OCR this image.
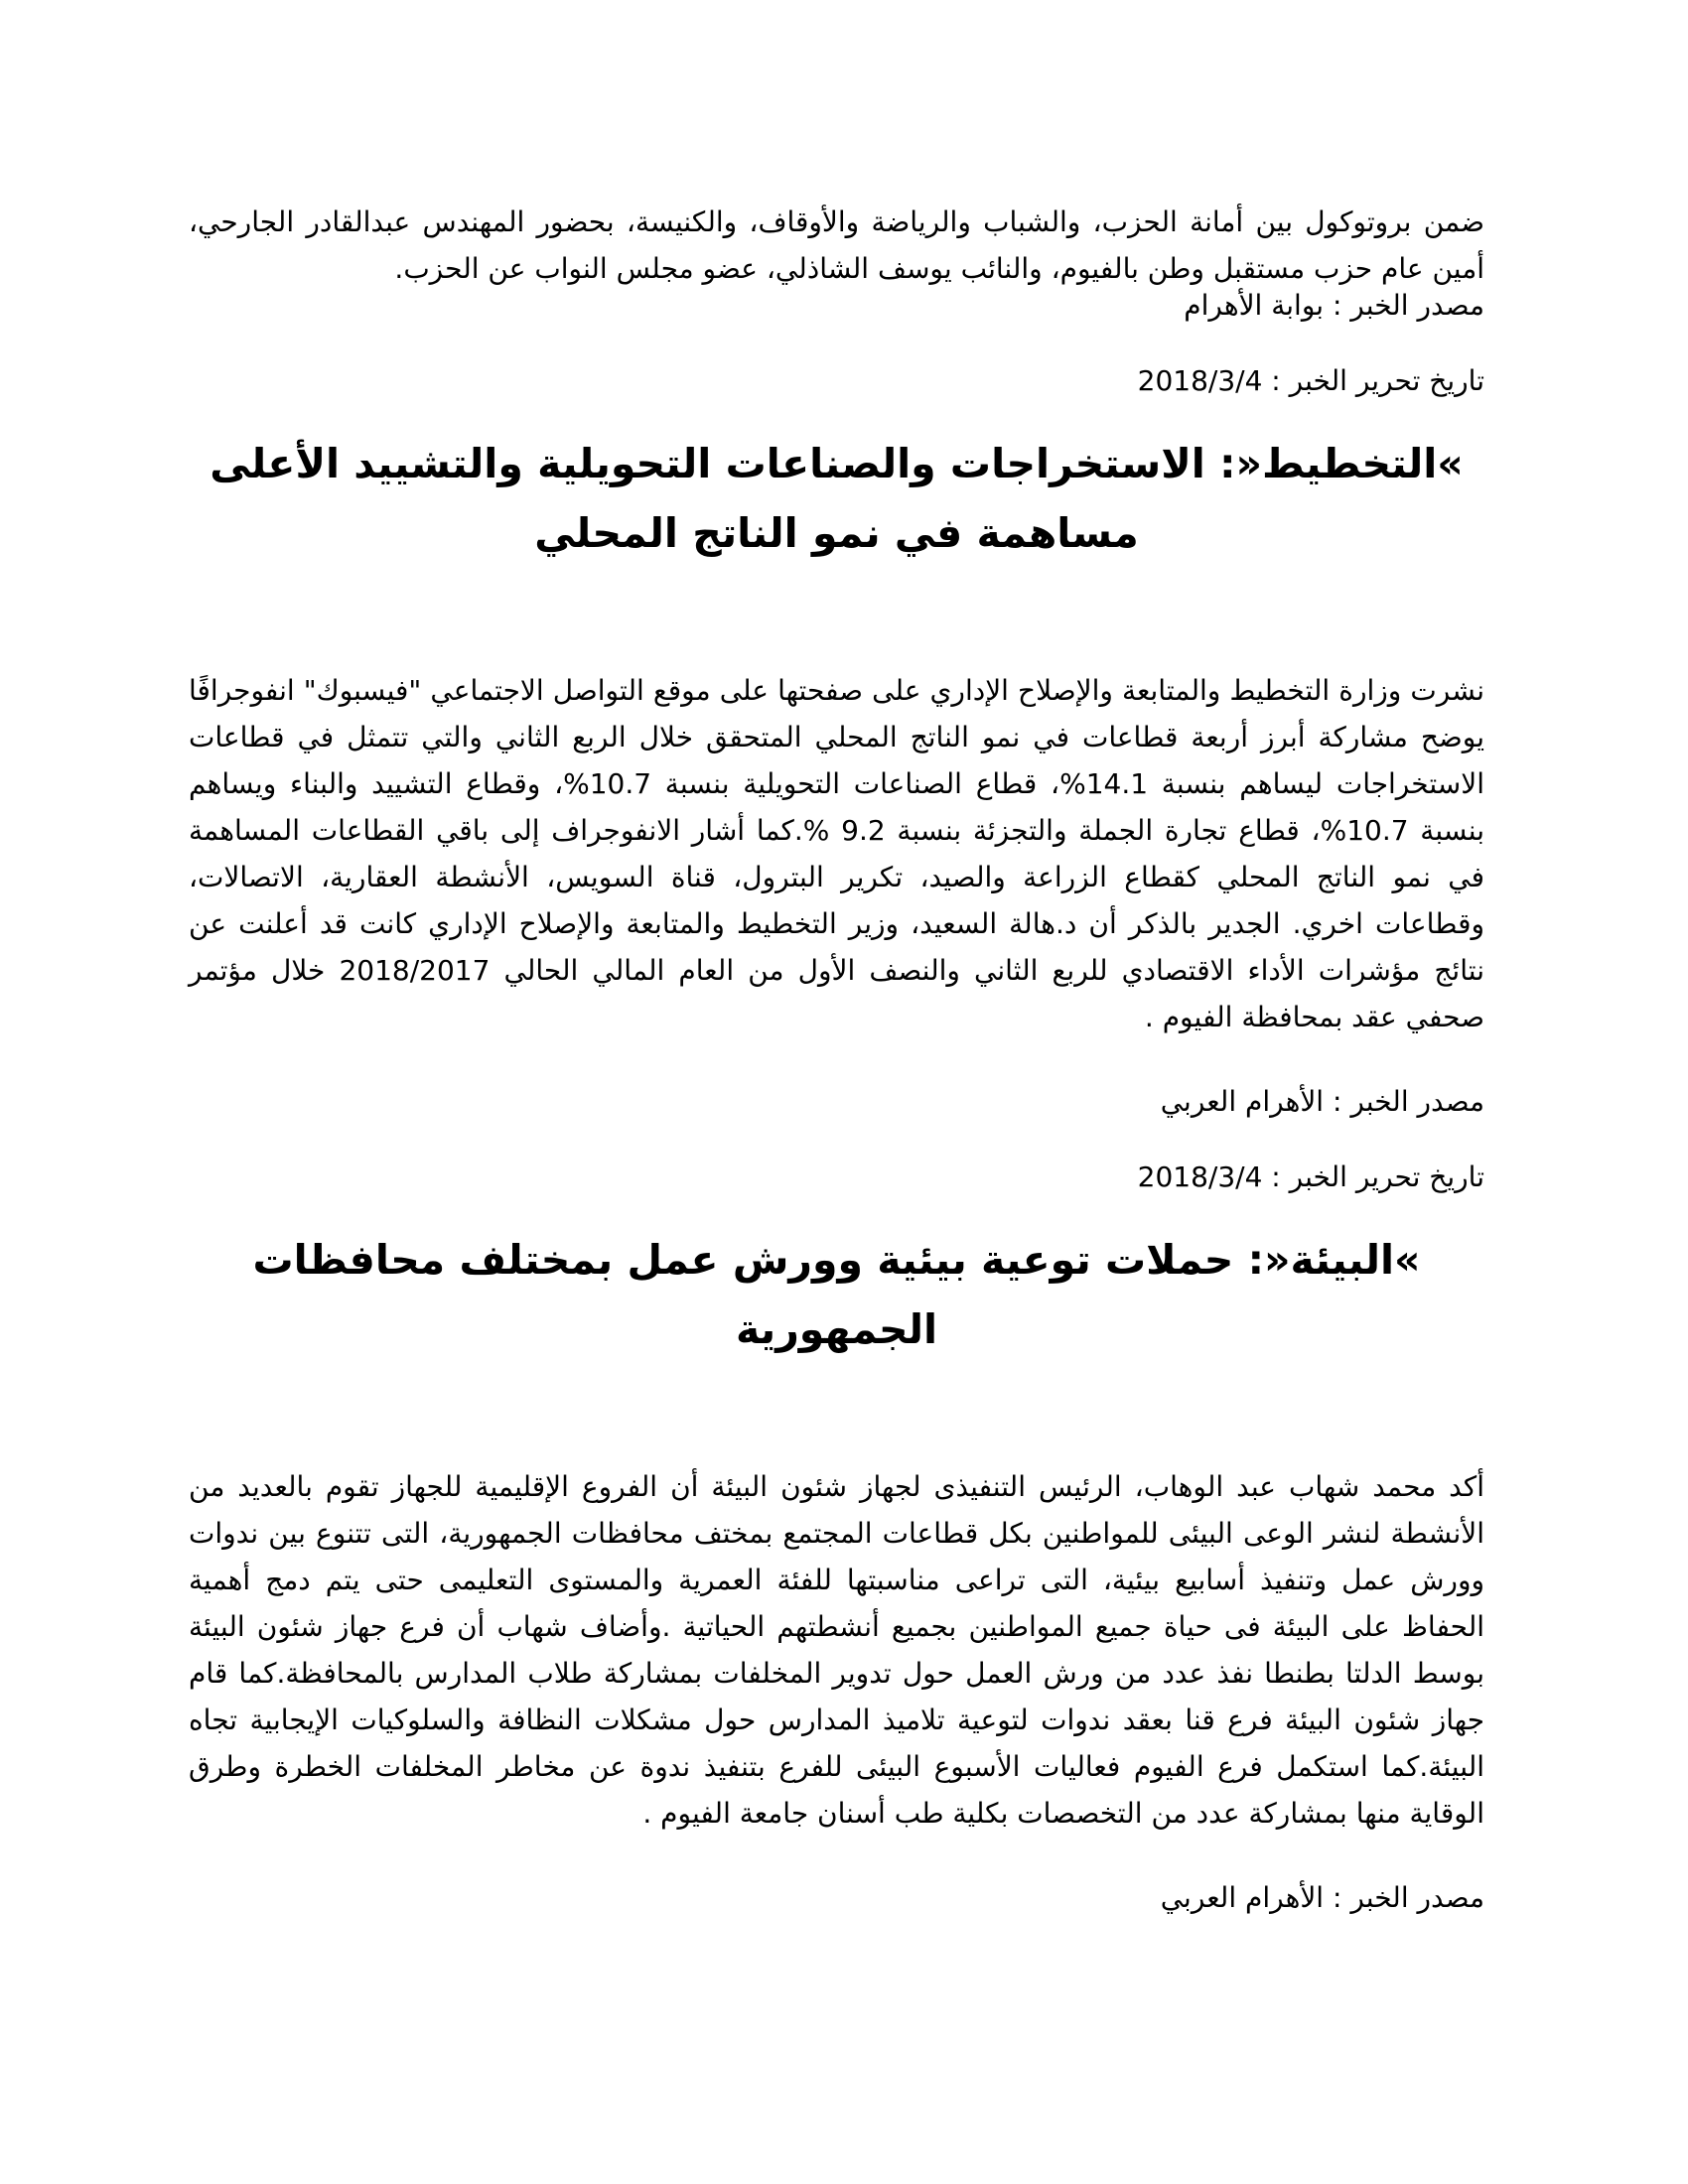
ضمن بروتوكول بين أمانة الحزب، والشباب والرياضة والأوقاف، والكنيسة، بحضور المهندس عبدالقادر الجارحي، أمين عام حزب مستقبل وطن بالفيوم، والنائب يوسف الشاذلي، عضو مجلس النواب عن الحزب.

مصدر الخبر : بوابة الأهرام

تاريخ تحرير الخبر : 2018/3/4

»التخطيط«: الاستخراجات والصناعات التحويلية والتشييد الأعلى مساهمة في نمو الناتج المحلي

نشرت وزارة التخطيط والمتابعة والإصلاح الإداري على صفحتها على موقع التواصل الاجتماعي "فيسبوك" انفوجرافًا يوضح مشاركة أبرز أربعة قطاعات في نمو الناتج المحلي المتحقق خلال الربع الثاني والتي تتمثل في قطاعات الاستخراجات ليساهم بنسبة 14.1%، قطاع الصناعات التحويلية بنسبة 10.7%، وقطاع التشييد والبناء ويساهم بنسبة 10.7%، قطاع تجارة الجملة والتجزئة بنسبة 9.2 %.كما أشار الانفوجراف إلى باقي القطاعات المساهمة في نمو الناتج المحلي كقطاع الزراعة والصيد، تكرير البترول، قناة السويس، الأنشطة العقارية، الاتصالات، وقطاعات اخري. الجدير بالذكر أن د.هالة السعيد، وزير التخطيط والمتابعة والإصلاح الإداري كانت قد أعلنت عن نتائج مؤشرات الأداء الاقتصادي للربع الثاني والنصف الأول من العام المالي الحالي 2018/2017 خلال مؤتمر صحفي عقد بمحافظة الفيوم .

مصدر الخبر : الأهرام العربي

تاريخ تحرير الخبر : 2018/3/4

»البيئة«: حملات توعية بيئية وورش عمل بمختلف محافظات الجمهورية

أكد محمد شهاب عبد الوهاب، الرئيس التنفيذى لجهاز شئون البيئة أن الفروع الإقليمية للجهاز تقوم بالعديد من الأنشطة لنشر الوعى البيئى للمواطنين بكل قطاعات المجتمع بمختف محافظات الجمهورية، التى تتنوع بين ندوات وورش عمل وتنفيذ أسابيع بيئية، التى تراعى مناسبتها للفئة العمرية والمستوى التعليمى حتى يتم دمج أهمية الحفاظ على البيئة فى حياة جميع المواطنين بجميع أنشطتهم الحياتية .وأضاف شهاب أن فرع جهاز شئون البيئة بوسط الدلتا بطنطا نفذ عدد من ورش العمل حول تدوير المخلفات بمشاركة طلاب المدارس بالمحافظة.كما قام جهاز شئون البيئة فرع قنا بعقد ندوات لتوعية تلاميذ المدارس حول مشكلات النظافة والسلوكيات الإيجابية تجاه البيئة.كما استكمل فرع الفيوم فعاليات الأسبوع البيئى للفرع بتنفيذ ندوة عن مخاطر المخلفات الخطرة وطرق الوقاية منها بمشاركة عدد من التخصصات بكلية طب أسنان جامعة الفيوم .

مصدر الخبر : الأهرام العربي
